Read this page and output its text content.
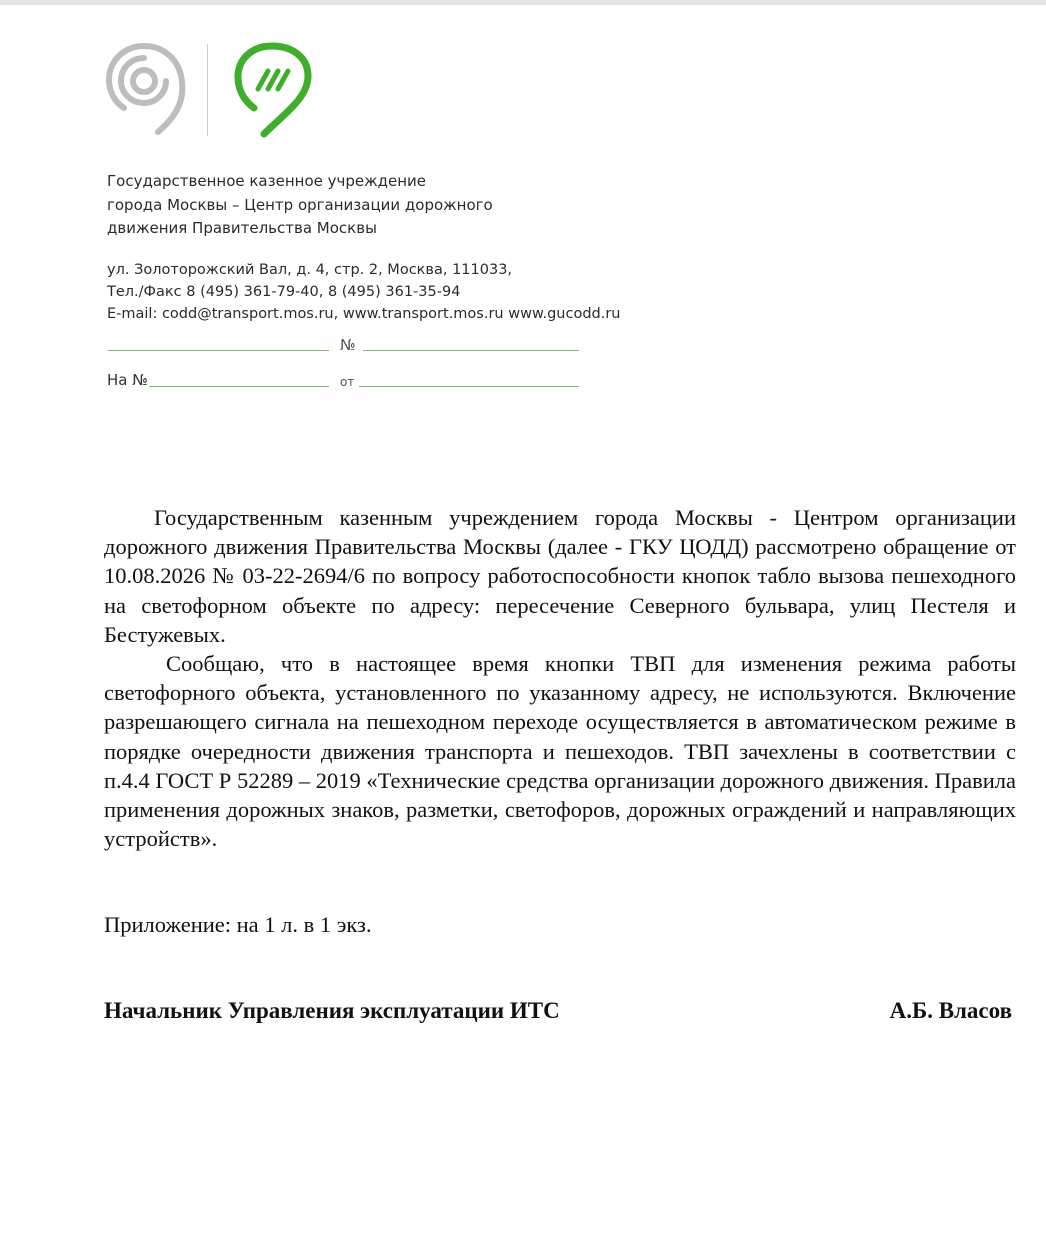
Государственное казенное учреждение
города Москвы – Центр организации дорожного
движения Правительства Москвы
ул. Золоторожский Вал, д. 4, стр. 2, Москва, 111033,
Тел./Факс 8 (495) 361-79-40, 8 (495) 361-35-94
E-mail: codd@transport.mos.ru, www.transport.mos.ru www.gucodd.ru
№
На №	от

Государственным казенным учреждением города Москвы - Центром организации дорожного движения Правительства Москвы (далее - ГКУ ЦОДД) рассмотрено обращение от 10.08.2026 № 03-22-2694/6 по вопросу работоспособности кнопок табло вызова пешеходного на светофорном объекте по адресу: пересечение Северного бульвара, улиц Пестеля и Бестужевых.

Сообщаю, что в настоящее время кнопки ТВП для изменения режима работы светофорного объекта, установленного по указанному адресу, не используются. Включение разрешающего сигнала на пешеходном переходе осуществляется в автоматическом режиме в порядке очередности движения транспорта и пешеходов. ТВП зачехлены в соответствии с п.4.4 ГОСТ Р 52289 – 2019 «Технические средства организации дорожного движения. Правила применения дорожных знаков, разметки, светофоров, дорожных ограждений и направляющих устройств».

Приложение: на 1 л. в 1 экз.
Начальник Управления эксплуатации ИТС	А.Б. Власов
